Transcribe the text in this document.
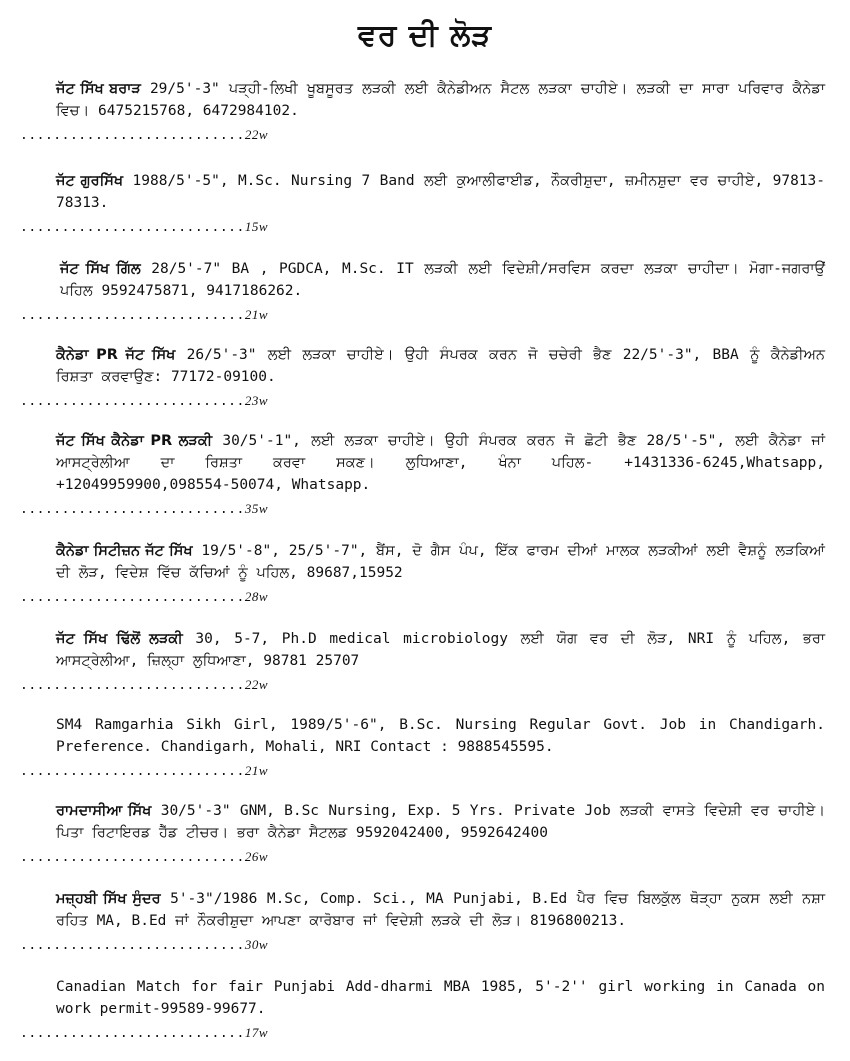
ਵਰ ਦੀ ਲੋੜ

ਜੱਟ ਸਿੱਖ ਬਰਾੜ 29/5'-3" ਪੜ੍ਹੀ-ਲਿਖੀ ਖੂਬਸੂਰਤ ਲੜਕੀ ਲਈ ਕੈਨੇਡੀਅਨ ਸੈਟਲ ਲੜਕਾ ਚਾਹੀਏ। ਲੜਕੀ ਦਾ ਸਾਰਾ ਪਰਿਵਾਰ ਕੈਨੇਡਾ ਵਿਚ। 6475215768, 6472984102.

...........................22w

ਜੱਟ ਗੁਰਸਿੱਖ 1988/5'-5", M.Sc. Nursing 7 Band ਲਈ ਕੁਆਲੀਫਾਈਡ, ਨੌਕਰੀਸ਼ੁਦਾ, ਜ਼ਮੀਨਸ਼ੁਦਾ ਵਰ ਚਾਹੀਏ, 97813-78313.

...........................15w

ਜੱਟ ਸਿੱਖ ਗਿੱਲ 28/5'-7" BA , PGDCA, M.Sc. IT ਲੜਕੀ ਲਈ ਵਿਦੇਸ਼ੀ/ਸਰਵਿਸ ਕਰਦਾ ਲੜਕਾ ਚਾਹੀਦਾ। ਮੋਗਾ-ਜਗਰਾਉਂ ਪਹਿਲ 9592475871, 9417186262.

...........................21w

ਕੈਨੇਡਾ PR ਜੱਟ ਸਿੱਖ 26/5'-3" ਲਈ ਲੜਕਾ ਚਾਹੀਏ। ਉਹੀ ਸੰਪਰਕ ਕਰਨ ਜੋ ਚਚੇਰੀ ਭੈਣ 22/5'-3", BBA ਨੂੰ ਕੈਨੇਡੀਅਨ ਰਿਸ਼ਤਾ ਕਰਵਾਉਣ: 77172-09100.

...........................23w

ਜੱਟ ਸਿੱਖ ਕੈਨੇਡਾ PR ਲੜਕੀ 30/5'-1", ਲਈ ਲੜਕਾ ਚਾਹੀਏ। ਉਹੀ ਸੰਪਰਕ ਕਰਨ ਜੋ ਛੋਟੀ ਭੈਣ 28/5'-5", ਲਈ ਕੈਨੇਡਾ ਜਾਂ ਆਸਟ੍ਰੇਲੀਆ ਦਾ ਰਿਸ਼ਤਾ ਕਰਵਾ ਸਕਣ। ਲੁਧਿਆਣਾ, ਖੰਨਾ ਪਹਿਲ- +1431336-6245,Whatsapp, +12049959900,098554-50074, Whatsapp.

...........................35w

ਕੈਨੇਡਾ ਸਿਟੀਜ਼ਨ ਜੱਟ ਸਿੱਖ 19/5'-8", 25/5'-7", ਬੈਂਸ, ਦੋ ਗੈਸ ਪੰਪ, ਇੱਕ ਫਾਰਮ ਦੀਆਂ ਮਾਲਕ ਲੜਕੀਆਂ ਲਈ ਵੈਸ਼ਨੂੰ ਲੜਕਿਆਂ ਦੀ ਲੋੜ, ਵਿਦੇਸ਼ ਵਿੱਚ ਕੱਚਿਆਂ ਨੂੰ ਪਹਿਲ, 89687,15952

...........................28w

ਜੱਟ ਸਿੱਖ ਢਿੱਲੋਂ ਲੜਕੀ 30, 5-7, Ph.D medical microbiology ਲਈ ਯੋਗ ਵਰ ਦੀ ਲੋੜ, NRI ਨੂੰ ਪਹਿਲ, ਭਰਾ ਆਸਟ੍ਰੇਲੀਆ, ਜ਼ਿਲ੍ਹਾ ਲੁਧਿਆਣਾ, 98781 25707

...........................22w

SM4 Ramgarhia Sikh Girl, 1989/5'-6", B.Sc. Nursing Regular Govt. Job in Chandigarh. Preference. Chandigarh, Mohali, NRI Contact : 9888545595.

...........................21w

ਰਾਮਦਾਸੀਆ ਸਿੱਖ 30/5'-3" GNM, B.Sc Nursing, Exp. 5 Yrs. Private Job ਲੜਕੀ ਵਾਸਤੇ ਵਿਦੇਸ਼ੀ ਵਰ ਚਾਹੀਏ। ਪਿਤਾ ਰਿਟਾਇਰਡ ਹੈੱਡ ਟੀਚਰ। ਭਰਾ ਕੈਨੇਡਾ ਸੈਟਲਡ 9592042400, 9592642400

...........................26w

ਮਜ਼੍ਹਬੀ ਸਿੱਖ ਸੁੰਦਰ 5'-3"/1986 M.Sc, Comp. Sci., MA Punjabi, B.Ed ਪੈਰ ਵਿਚ ਬਿਲਕੁੱਲ ਥੋੜ੍ਹਾ ਨੁਕਸ ਲਈ ਨਸ਼ਾ ਰਹਿਤ MA, B.Ed ਜਾਂ ਨੌਕਰੀਸ਼ੁਦਾ ਆਪਣਾ ਕਾਰੋਬਾਰ ਜਾਂ ਵਿਦੇਸ਼ੀ ਲੜਕੇ ਦੀ ਲੋੜ। 8196800213.

...........................30w

Canadian Match for fair Punjabi Add-dharmi MBA 1985, 5'-2'' girl working in Canada on work permit-99589-99677.

...........................17w
